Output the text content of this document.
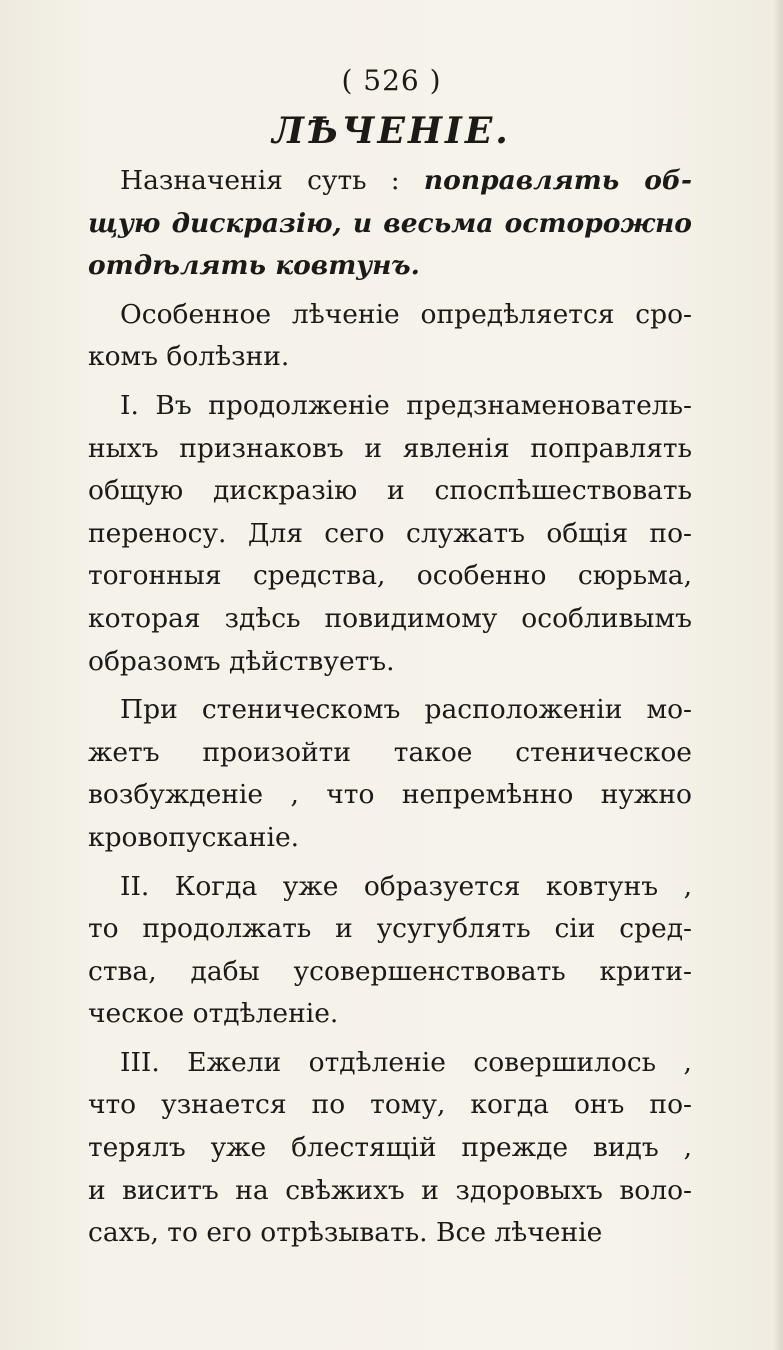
( 526 )
ЛѢЧЕНІЕ.
Назначенія суть : поправлять об-
щую дискразію, и весьма осторожно
отдѣлять ковтунъ.
Особенное лѣченіе опредѣляется сро-
комъ болѣзни.
I. Въ продолженіе предзнаменователь-
ныхъ признаковъ и явленія поправлять
общую дискразію и споспѣшествовать
переносу. Для сего служатъ общія по-
тогонныя средства, особенно сюрьма,
которая здѣсь повидимому особливымъ
образомъ дѣйствуетъ.
При стеническомъ расположеніи мо-
жетъ произойти такое стеническое
возбужденіе , что непремѣнно нужно
кровопусканіе.
II. Когда уже образуется ковтунъ ,
то продолжать и усугублять сіи сред-
ства, дабы усовершенствовать крити-
ческое отдѣленіе.
III. Ежели отдѣленіе совершилось ,
что узнается по тому, когда онъ по-
терялъ уже блестящій прежде видъ ,
и виситъ на свѣжихъ и здоровыхъ воло-
сахъ, то его отрѣзывать. Все лѣченіе
